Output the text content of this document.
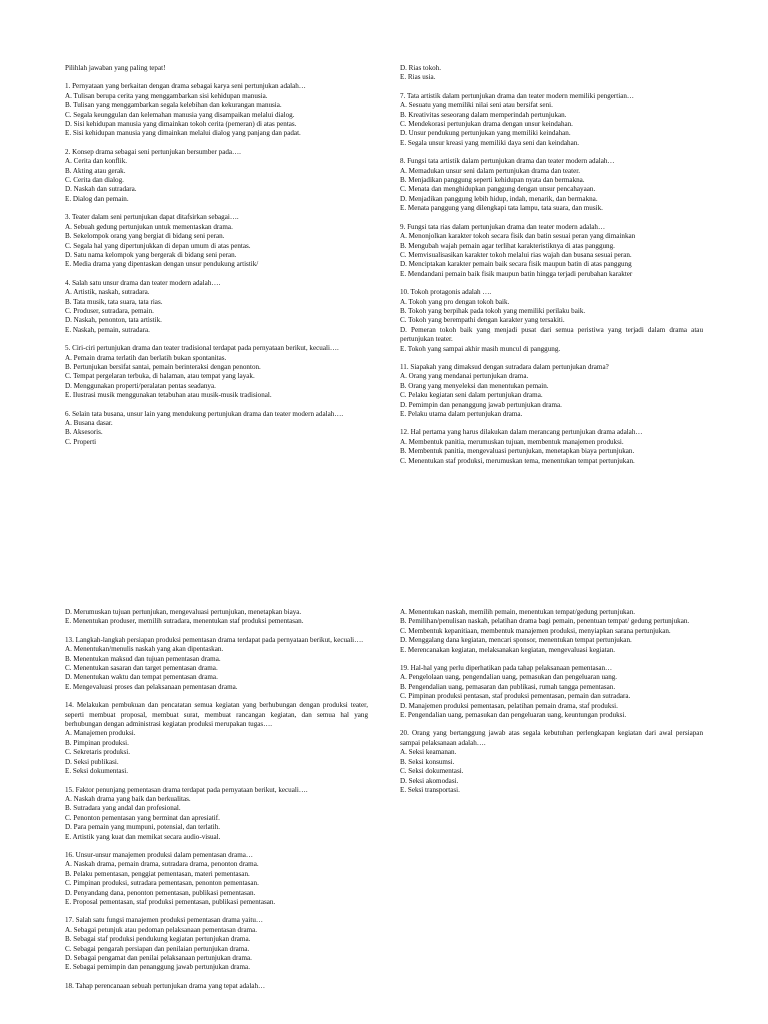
Pilihlah jawaban yang paling tepat!

1. Pernyataan yang berkaitan dengan drama sebagai karya seni pertunjukan adalah…

A. Tulisan berupa cerita yang menggambarkan sisi kehidupan manusia.

B. Tulisan yang menggambarkan segala kelebihan dan kekurangan manusia.

C. Segala keunggulan dan kelemahan manusia yang disampaikan melalui dialog.

D. Sisi kehidupan manusia yang dimainkan tokoh cerita (pemeran) di atas pentas.

E. Sisi kehidupan manusia yang dimainkan melalui dialog yang panjang dan padat.

2. Konsep drama sebagai seni pertunjukan bersumber pada….

A. Cerita dan konflik.

B. Akting atau gerak.

C. Cerita dan dialog.

D. Naskah dan sutradara.

E. Dialog dan pemain.

3. Teater dalam seni pertunjukan dapat ditafsirkan sebagai….

A. Sebuah gedung pertunjukan untuk mementaskan drama.

B. Sekelompok orang yang bergiat di bidang seni peran.

C. Segala hal yang dipertunjukkan di depan umum di atas pentas.

D. Satu nama kelompok yang bergerak di bidang seni peran.

E. Media drama yang dipentaskan dengan unsur pendukung artistik/

4. Salah satu unsur drama dan teater modern adalah….

A. Artistik, naskah, sutradara.

B. Tata musik, tata suara, tata rias.

C. Produser, sutradara, pemain.

D. Naskah, penonton, tata artistik.

E. Naskah, pemain, sutradara.

5. Ciri-ciri pertunjukan drama dan teater tradisional terdapat pada pernyataan berikut, kecuali….

A. Pemain drama terlatih dan berlatih bukan spontanitas.

B. Pertunjukan bersifat santai, pemain berinteraksi dengan penonton.

C. Tempat pergelaran terbuka, di halaman, atau tempat yang layak.

D. Menggunakan properti/peralatan pentas seadanya.

E. Ilustrasi musik menggunakan tetabuhan atau musik-musik tradisional.

6. Selain tata busana, unsur lain yang mendukung pertunjukan drama dan teater modern adalah….

A. Busana dasar.

B. Aksesoris.

C. Properti

D. Rias tokoh.

E. Rias usia.

7. Tata artistik dalam pertunjukan drama dan teater modern memiliki pengertian…

A. Sesuatu yang memiliki nilai seni atau bersifat seni.

B. Kreativitas seseorang dalam memperindah pertunjukan.

C. Mendekorasi pertunjukan drama dengan unsur keindahan.

D. Unsur pendukung pertunjukan yang memiliki keindahan.

E. Segala unsur kreasi yang memiliki daya seni dan keindahan.

8. Fungsi tata artistik dalam pertunjukan drama dan teater modern adalah…

A. Memadukan unsur seni dalam pertunjukan drama dan teater.

B. Menjadikan panggung seperti kehidupan nyata dan bermakna.

C. Menata dan menghidupkan panggung dengan unsur pencahayaan.

D. Menjadikan panggung lebih hidup, indah, menarik, dan bermakna.

E. Menata panggung yang dilengkapi tata lampu, tata suara, dan musik.

9. Fungsi tata rias dalam pertunjukan drama dan teater modern adalah…

A. Menonjolkan karakter tokoh secara fisik dan batin sesuai peran yang dimainkan

B. Mengubah wajah pemain agar terlihat karakteristiknya di atas panggung.

C. Memvisualisasikan karakter tokoh melalui rias wajah dan busana sesuai peran.

D. Menciptakan karakter pemain baik secara fisik maupun batin di atas panggung

E. Mendandani pemain baik fisik maupun batin hingga terjadi perubahan karakter

10. Tokoh protagonis adalah ….

A. Tokoh yang pro dengan tokoh baik.

B. Tokoh yang berpihak pada tokoh yang memiliki perilaku baik.

C. Tokoh yang berempathi dengan karakter yang tersakiti.

D. Pemeran tokoh baik yang menjadi pusat dari semua peristiwa yang terjadi dalam drama atau pertunjukan teater.

E. Tokoh yang sampai akhir masih muncul di panggung.

11. Siapakah yang dimaksud dengan sutradara dalam pertunjukan drama?

A. Orang yang mendanai pertunjukan drama.

B. Orang yang menyeleksi dan menentukan pemain.

C. Pelaku kegiatan seni dalam pertunjukan drama.

D. Pemimpin dan penanggung jawab pertunjukan drama.

E. Pelaku utama dalam pertunjukan drama.

12. Hal pertama yang harus dilakukan dalam merancang pertunjukan drama adalah…

A. Membentuk panitia, merumuskan tujuan, membentuk manajemen produksi.

B. Membentuk panitia, mengevaluasi pertunjukan, menetapkan biaya pertunjukan.

C. Menentukan staf produksi, merumuskan tema, menentukan tempat pertunjukan.

D. Merumuskan tujuan pertunjukan, mengevaluasi pertunjukan, menetapkan biaya.

E. Menentukan produser, memilih sutradara, menentukan staf produksi pementasan.

13. Langkah-langkah persiapan produksi pementasan drama terdapat pada pernyataan berikut, kecuali….

A. Menentukan/menulis naskah yang akan dipentaskan.

B. Menentukan maksud dan tujuan pementasan drama.

C. Menentukan sasaran dan target pementasan drama.

D. Menentukan waktu dan tempat pementasan drama.

E. Mengevaluasi proses dan pelaksanaan pementasan drama.

14. Melakukan pembukuan dan pencatatan semua kegiatan yang berhubungan dengan produksi teater, seperti membuat proposal, membuat surat, membuat rancangan kegiatan, dan semua hal yang berhubungan dengan administrasi kegiatan produksi merupakan tugas….

A. Manajemen produksi.

B. Pimpinan produksi.

C. Sekretaris produksi.

D. Seksi publikasi.

E. Seksi dokumentasi.

15. Faktor penunjang pementasan drama terdapat pada pernyataan berikut, kecuali….

A. Naskah drama yang baik dan berkualitas.

B. Sutradara yang andal dan profesional.

C. Penonton pementasan yang berminat dan apresiatif.

D. Para pemain yang mumpuni, potensial, dan terlatih.

E. Artistik yang kuat dan memikat secara audio-visual.

16. Unsur-unsur manajemen produksi dalam pementasan drama…

A. Naskah drama, pemain drama, sutradara drama, penonton drama.

B. Pelaku pementasan, penggiat pementasan, materi pementasan.

C. Pimpinan produksi, sutradara pementasan, penonton pementasan.

D. Penyandang dana, penonton pementasan, publikasi pementasan.

E. Proposal pementasan, staf produksi pementasan, publikasi pementasan.

17. Salah satu fungsi manajemen produksi pementasan drama yaitu…

A. Sebagai petunjuk atau pedoman pelaksanaan pementasan drama.

B. Sebagai staf produksi pendukung kegiatan pertunjukan drama.

C. Sebagai pengarah persiapan dan penilaian pertunjukan drama.

D. Sebagai pengamat dan penilai pelaksanaan pertunjukan drama.

E. Sebagai pemimpin dan penanggung jawab pertunjukan drama.

18. Tahap perencanaan sebuah pertunjukan drama yang tepat adalah…

A. Menentukan naskah, memilih pemain, menentukan tempat/gedung pertunjukan.

B. Pemilihan/penulisan naskah, pelatihan drama bagi pemain, penentuan tempat/ gedung pertunjukan.

C. Membentuk kepanitiaan, membentuk manajemen produksi, menyiapkan sarana pertunjukan.

D. Menggalang dana kegiatan, mencari sponsor, menentukan tempat pertunjukan.

E. Merencanakan kegiatan, melaksanakan kegiatan, mengevaluasi kegiatan.

19. Hal-hal yang perlu diperhatikan pada tahap pelaksanaan pementasan…

A. Pengelolaan uang, pengendalian uang, pemasukan dan pengeluaran uang.

B. Pengendalian uang, pemasaran dan publikasi, rumah tangga pementasan.

C. Pimpinan produksi pentasan, staf produksi pementasan, pemain dan sutradara.

D. Manajemen produksi pementasan, pelatihan pemain drama, staf produksi.

E. Pengendalian uang, pemasukan dan pengeluaran uang, keuntungan produksi.

20. Orang yang bertanggung jawab atas segala kebutuhan perlengkapan kegiatan dari awal persiapan sampai pelaksanaan adalah….

A. Seksi keamanan.

B. Seksi konsumsi.

C. Seksi dokumentasi.

D. Seksi akomodasi.

E. Seksi transportasi.
